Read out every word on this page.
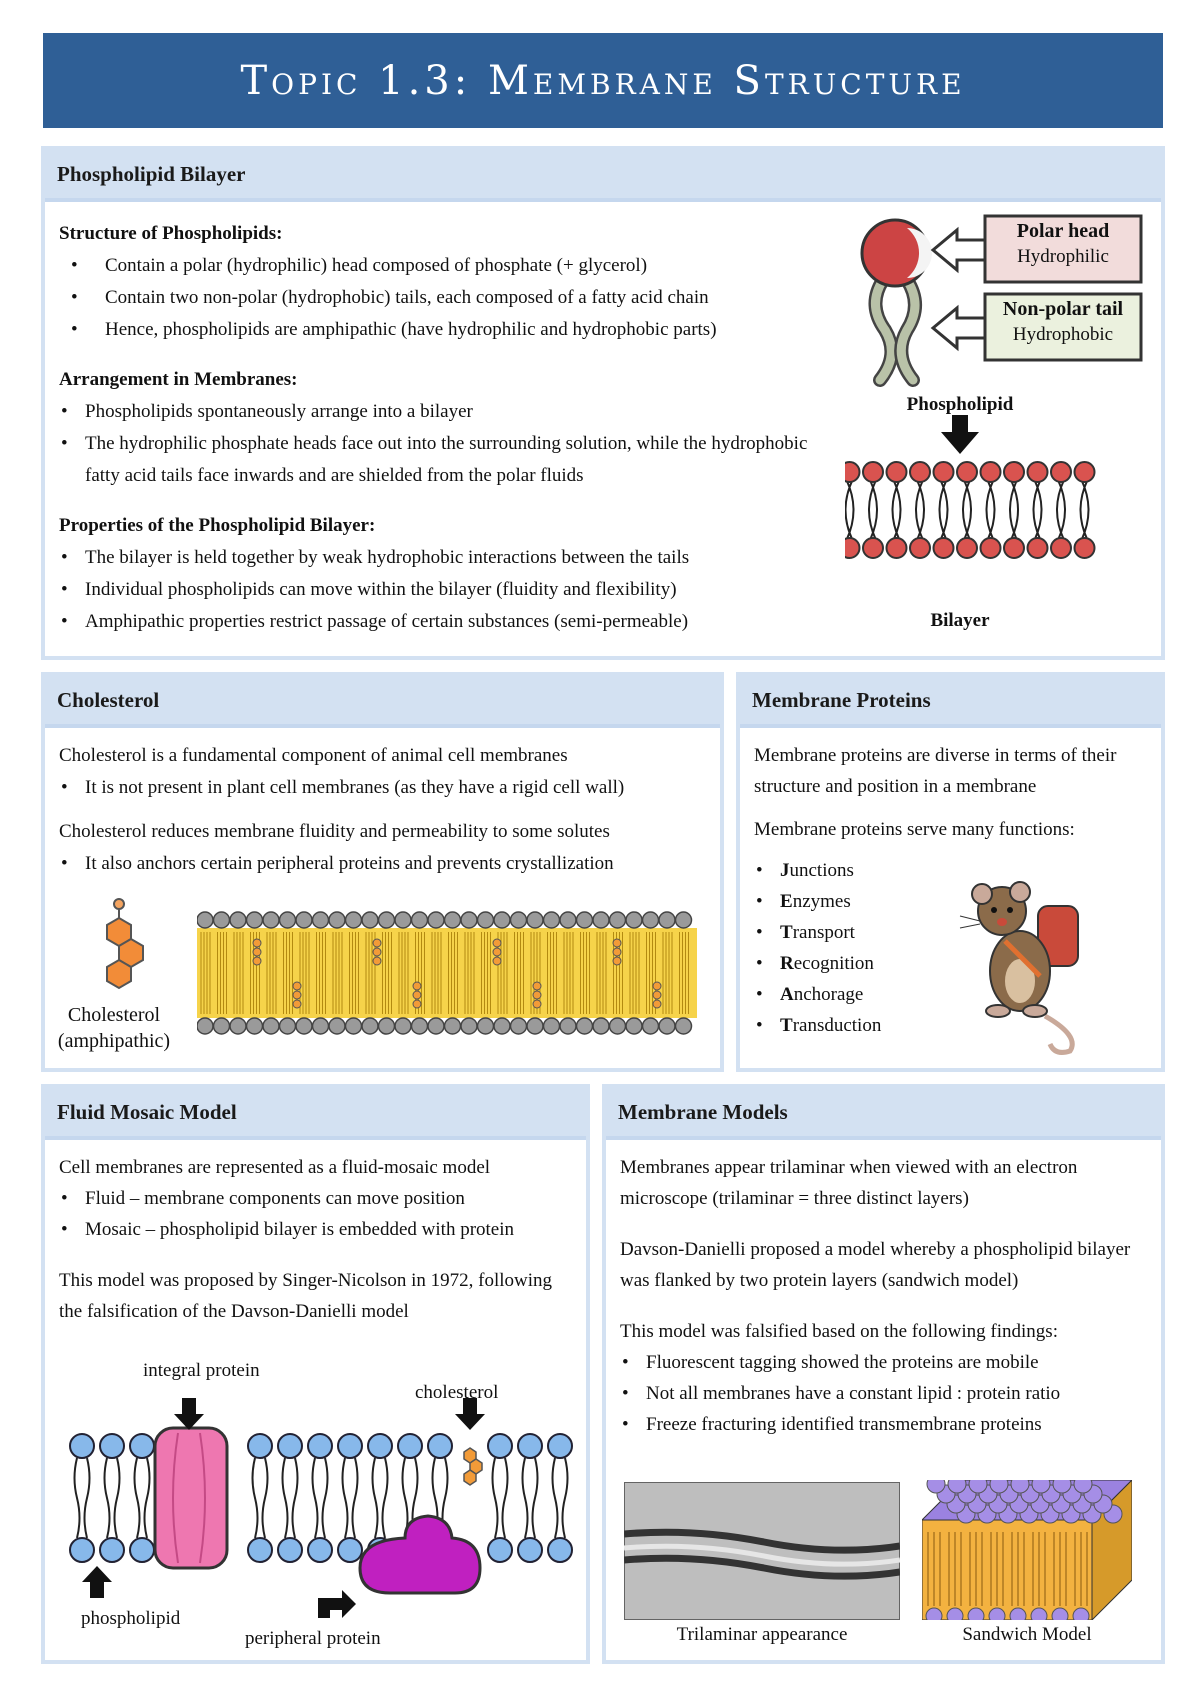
Topic 1.3: Membrane Structure
Phospholipid Bilayer
Structure of Phospholipids:
• Contain a polar (hydrophilic) head composed of phosphate (+ glycerol)
• Contain two non-polar (hydrophobic) tails, each composed of a fatty acid chain
• Hence, phospholipids are amphipathic (have hydrophilic and hydrophobic parts)
Arrangement in Membranes:
• Phospholipids spontaneously arrange into a bilayer
• The hydrophilic phosphate heads face out into the surrounding solution, while the hydrophobic fatty acid tails face inwards and are shielded from the polar fluids
Properties of the Phospholipid Bilayer:
• The bilayer is held together by weak hydrophobic interactions between the tails
• Individual phospholipids can move within the bilayer (fluidity and flexibility)
• Amphipathic properties restrict passage of certain substances (semi-permeable)
Polar head
Hydrophilic
Non-polar tail
Hydrophobic
Phospholipid
Bilayer
Cholesterol
Cholesterol is a fundamental component of animal cell membranes
• It is not present in plant cell membranes (as they have a rigid cell wall)
Cholesterol reduces membrane fluidity and permeability to some solutes
• It also anchors certain peripheral proteins and prevents crystallization
Cholesterol
(amphipathic)
Membrane Proteins
Membrane proteins are diverse in terms of their structure and position in a membrane
Membrane proteins serve many functions:
• Junctions
• Enzymes
• Transport
• Recognition
• Anchorage
• Transduction
Fluid Mosaic Model
Cell membranes are represented as a fluid-mosaic model
• Fluid – membrane components can move position
• Mosaic – phospholipid bilayer is embedded with protein
This model was proposed by Singer-Nicolson in 1972, following the falsification of the Davson-Danielli model
integral protein
cholesterol
phospholipid
peripheral protein
Membrane Models
Membranes appear trilaminar when viewed with an electron microscope (trilaminar = three distinct layers)
Davson-Danielli proposed a model whereby a phospholipid bilayer was flanked by two protein layers (sandwich model)
This model was falsified based on the following findings:
• Fluorescent tagging showed the proteins are mobile
• Not all membranes have a constant lipid : protein ratio
• Freeze fracturing identified transmembrane proteins
Trilaminar appearance	Sandwich Model
